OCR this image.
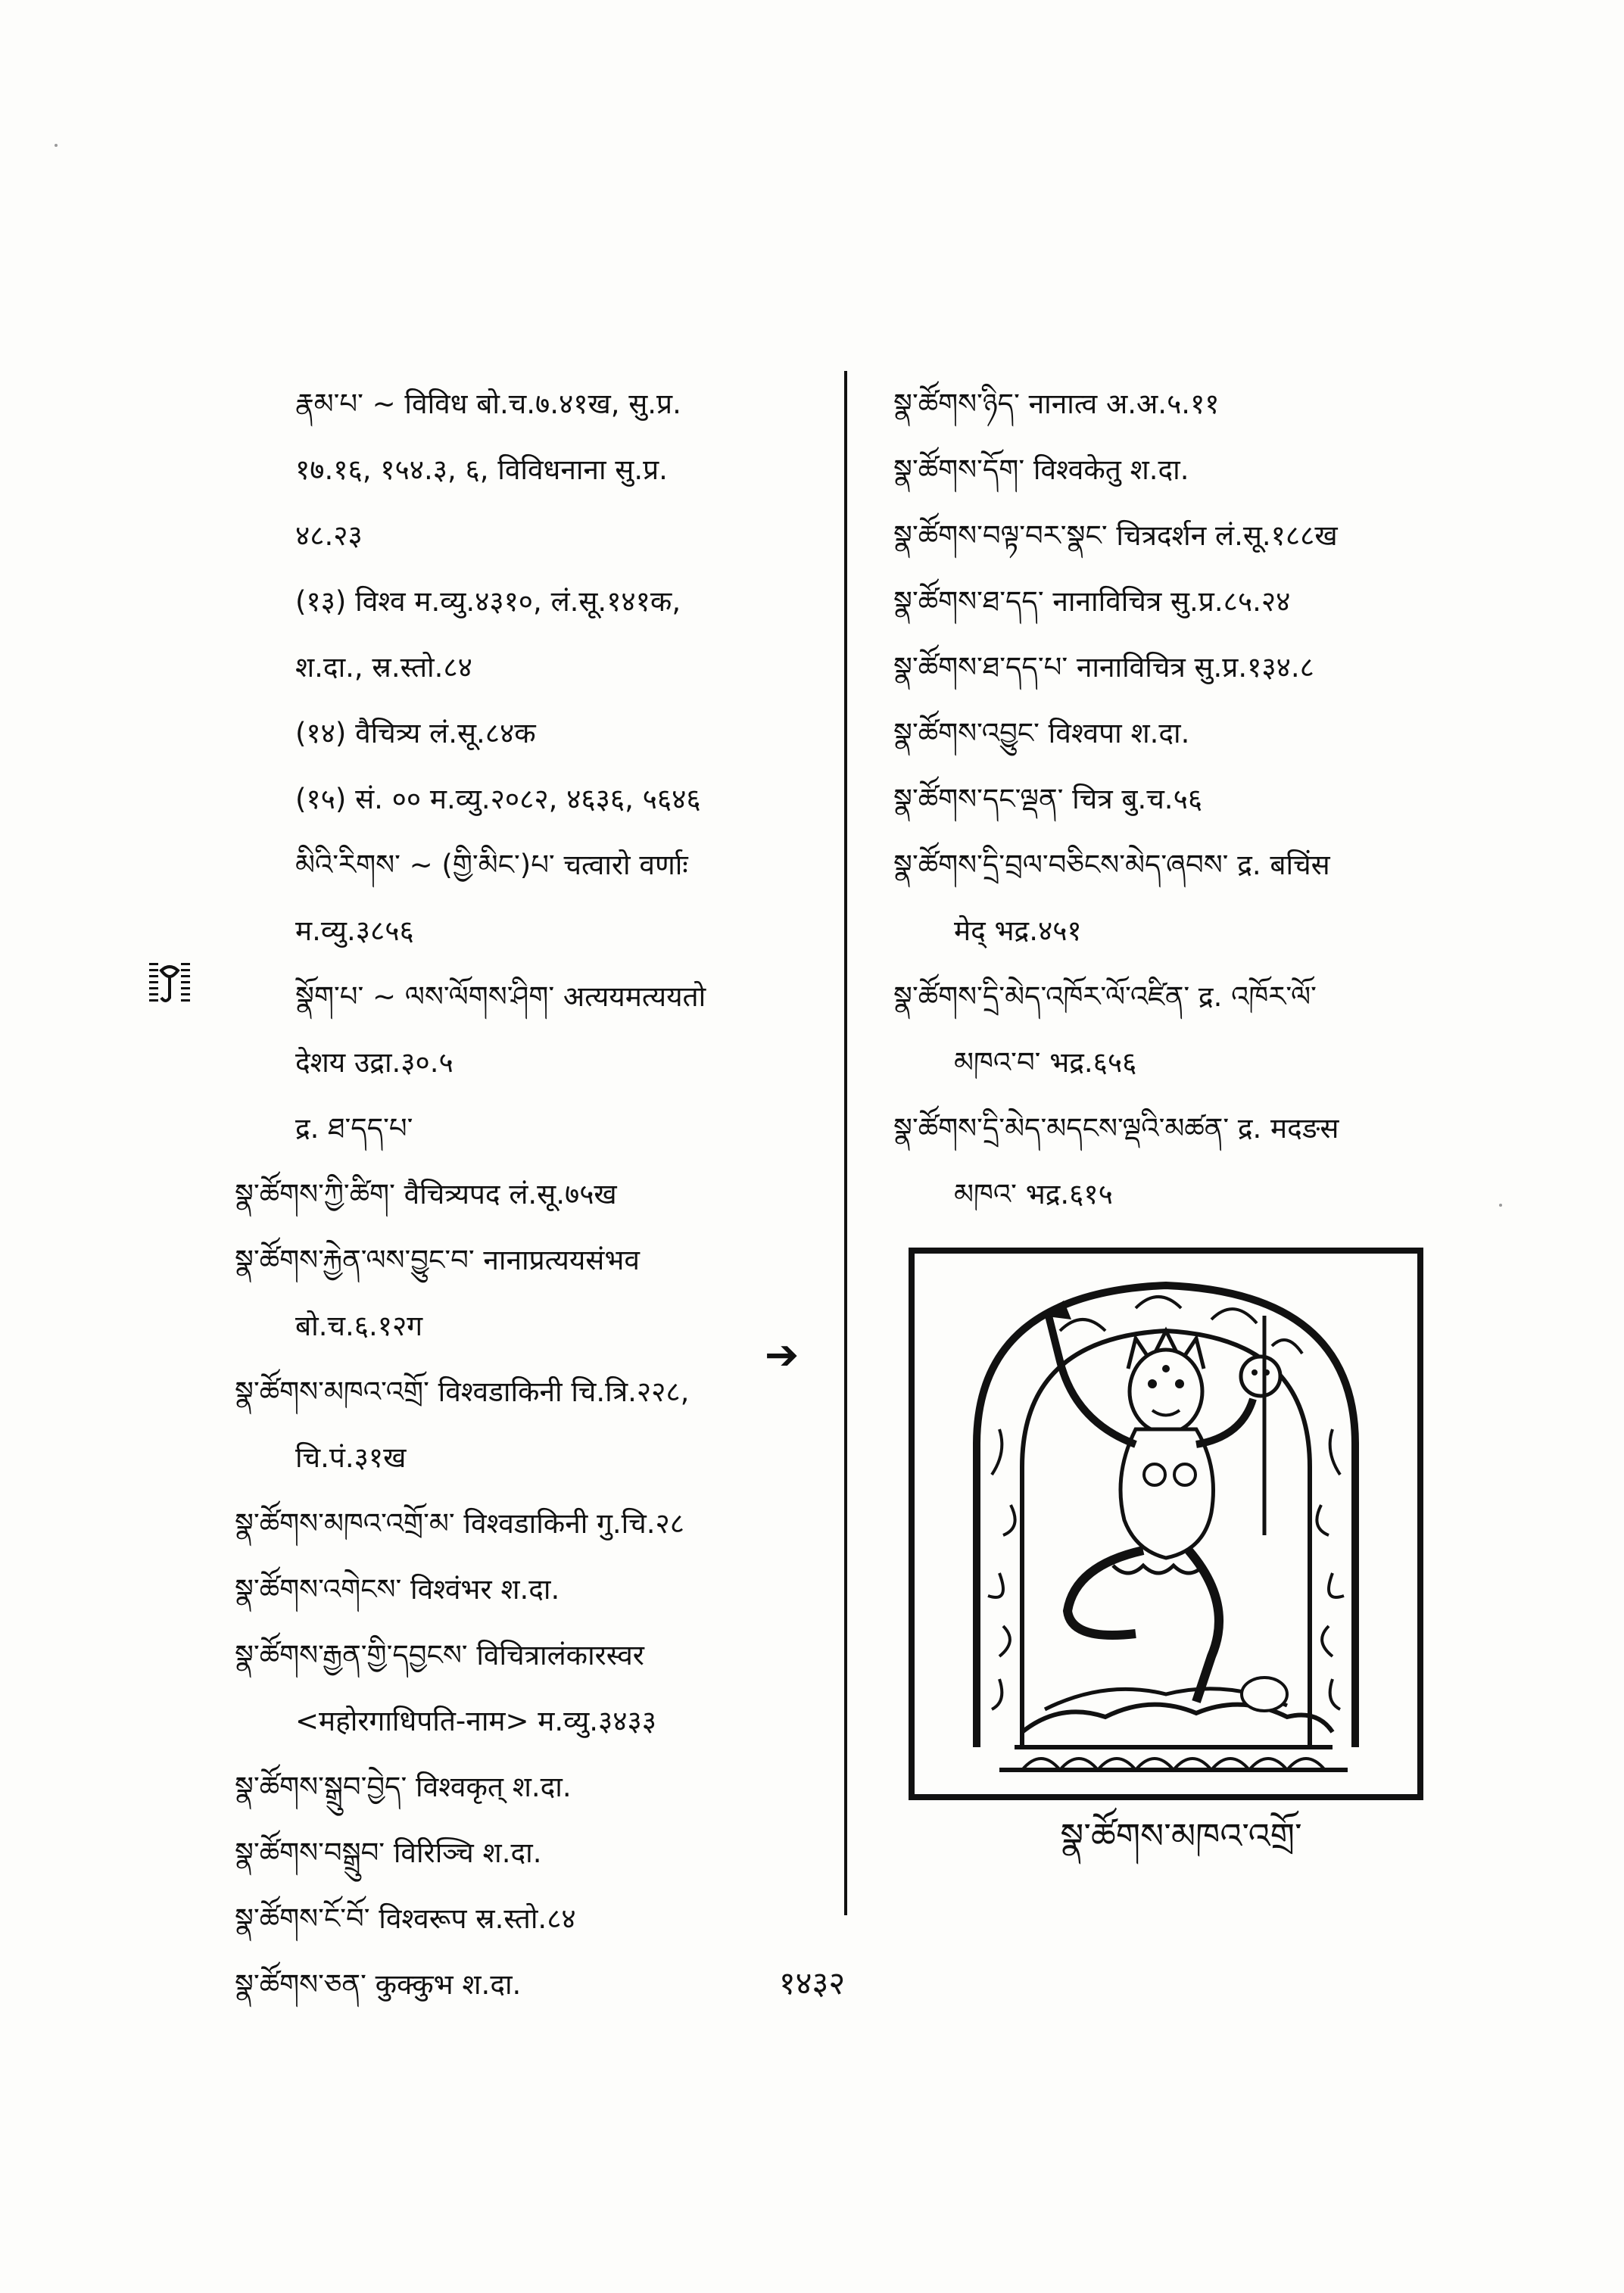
རྣམ་པ་ ~ विविध बो.च.७.४१ख, सु.प्र.
१७.१६, १५४.३, ६, विविधनाना सु.प्र.
४८.२३
(१३) विश्व म.व्यु.४३१०, लं.सू.१४१क,
श.दा., स्र.स्तो.८४
(१४) वैचित्र्य लं.सू.८४क
(१५) सं. ०० म.व्यु.२०८२, ४६३६, ५६४६
མིའི་རིགས་ ~ (གྱི་མིང་)པ་ चत्वारो वर्णाः
म.व्यु.३८५६
སྣོག་པ་ ~ ལས་ལོགས་ཤིག་ अत्ययमत्ययतो
देशय उद्रा.३०.५
द्र. ཐ་དད་པ་
སྣ་ཚོགས་ཀྱི་ཚིག་ वैचित्र्यपद लं.सू.७५ख
སྣ་ཚོགས་རྐྱེན་ལས་བྱུང་བ་ नानाप्रत्ययसंभव
बो.च.६.१२ग
སྣ་ཚོགས་མཁའ་འགྲོ་ विश्वडाकिनी चि.त्रि.२२८,
चि.पं.३१ख
སྣ་ཚོགས་མཁའ་འགྲོ་མ་ विश्वडाकिनी गु.चि.२८
སྣ་ཚོགས་འགེངས་ विश्वंभर श.दा.
སྣ་ཚོགས་རྒྱན་གྱི་དབྱངས་ विचित्रालंकारस्वर
<महोरगाधिपति-नाम> म.व्यु.३४३३
སྣ་ཚོགས་སྒྲུབ་བྱེད་ विश्वकृत् श.दा.
སྣ་ཚོགས་བསྒྲུབ་ विरिञ्चि श.दा.
སྣ་ཚོགས་ངོ་བོ་ विश्वरूप स्र.स्तो.८४
སྣ་ཚོགས་ཅན་ कुक्कुभ श.दा.
སྣ་ཚོགས་ཉིད་ नानात्व अ.अ.५.११
སྣ་ཚོགས་དོག་ विश्वकेतु श.दा.
སྣ་ཚོགས་བལྟ་བར་སྣང་ चित्रदर्शन लं.सू.१८८ख
སྣ་ཚོགས་ཐ་དད་ नानाविचित्र सु.प्र.८५.२४
སྣ་ཚོགས་ཐ་དད་པ་ नानाविचित्र सु.प्र.१३४.८
སྣ་ཚོགས་འབྱུང་ विश्वपा श.दा.
སྣ་ཚོགས་དང་ལྡན་ चित्र बु.च.५६
སྣ་ཚོགས་དྲི་བྲལ་བཅིངས་མེད་ཞབས་ द्र. बचिंस
मेद् भद्र.४५१
སྣ་ཚོགས་དྲི་མེད་འཁོར་ལོ་འཛིན་ द्र. འཁོར་ལོ་
མཁའ་བ་ भद्र.६५६
སྣ་ཚོགས་དྲི་མེད་མདངས་ལྡའི་མཚན་ द्र. मदङस
མཁའ་ भद्र.६१५
➔
སྣ་ཚོགས་མཁའ་འགྲོ་
१४३२
